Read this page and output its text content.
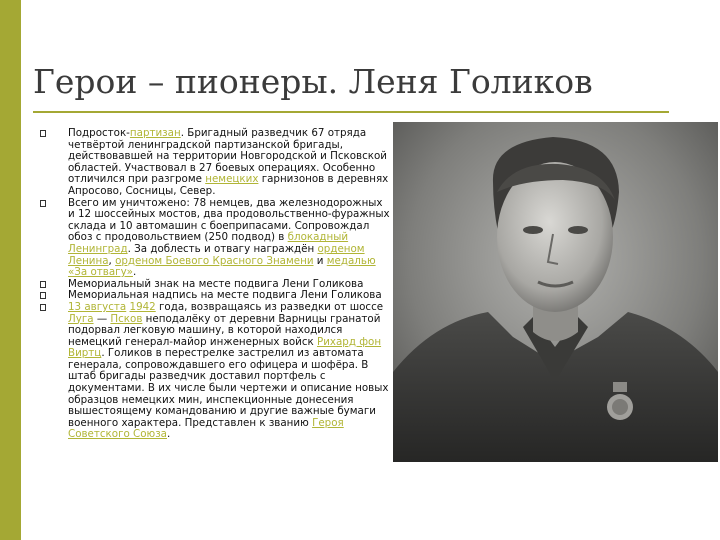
Герои – пионеры. Леня Голиков
Подросток-партизан. Бригадный разведчик 67 отряда четвёртой ленинградской партизанской бригады, действовавшей на территории Новгородской и Псковской областей. Участвовал в 27 боевых операциях. Особенно отличился при разгроме немецких гарнизонов в деревнях Апросово, Сосницы, Север.
Всего им уничтожено: 78 немцев, два железнодорожных и 12 шоссейных мостов, два продовольственно-фуражных склада и 10 автомашин с боеприпасами. Сопровождал обоз с продовольствием (250 подвод) в блокадный Ленинград. За доблесть и отвагу награждён орденом Ленина, орденом Боевого Красного Знамени и медалью «За отвагу».
Мемориальный знак на месте подвига Лени Голикова
Мемориальная надпись на месте подвига Лени Голикова
13 августа 1942 года, возвращаясь из разведки от шоссе Луга — Псков неподалёку от деревни Варницы гранатой подорвал легковую машину, в которой находился немецкий генерал-майор инженерных войск Рихард фон Виртц. Голиков в перестрелке застрелил из автомата генерала, сопровождавшего его офицера и шофёра. В штаб бригады разведчик доставил портфель с документами. В их числе были чертежи и описание новых образцов немецких мин, инспекционные донесения вышестоящему командованию и другие важные бумаги военного характера. Представлен к званию Героя Советского Союза.
